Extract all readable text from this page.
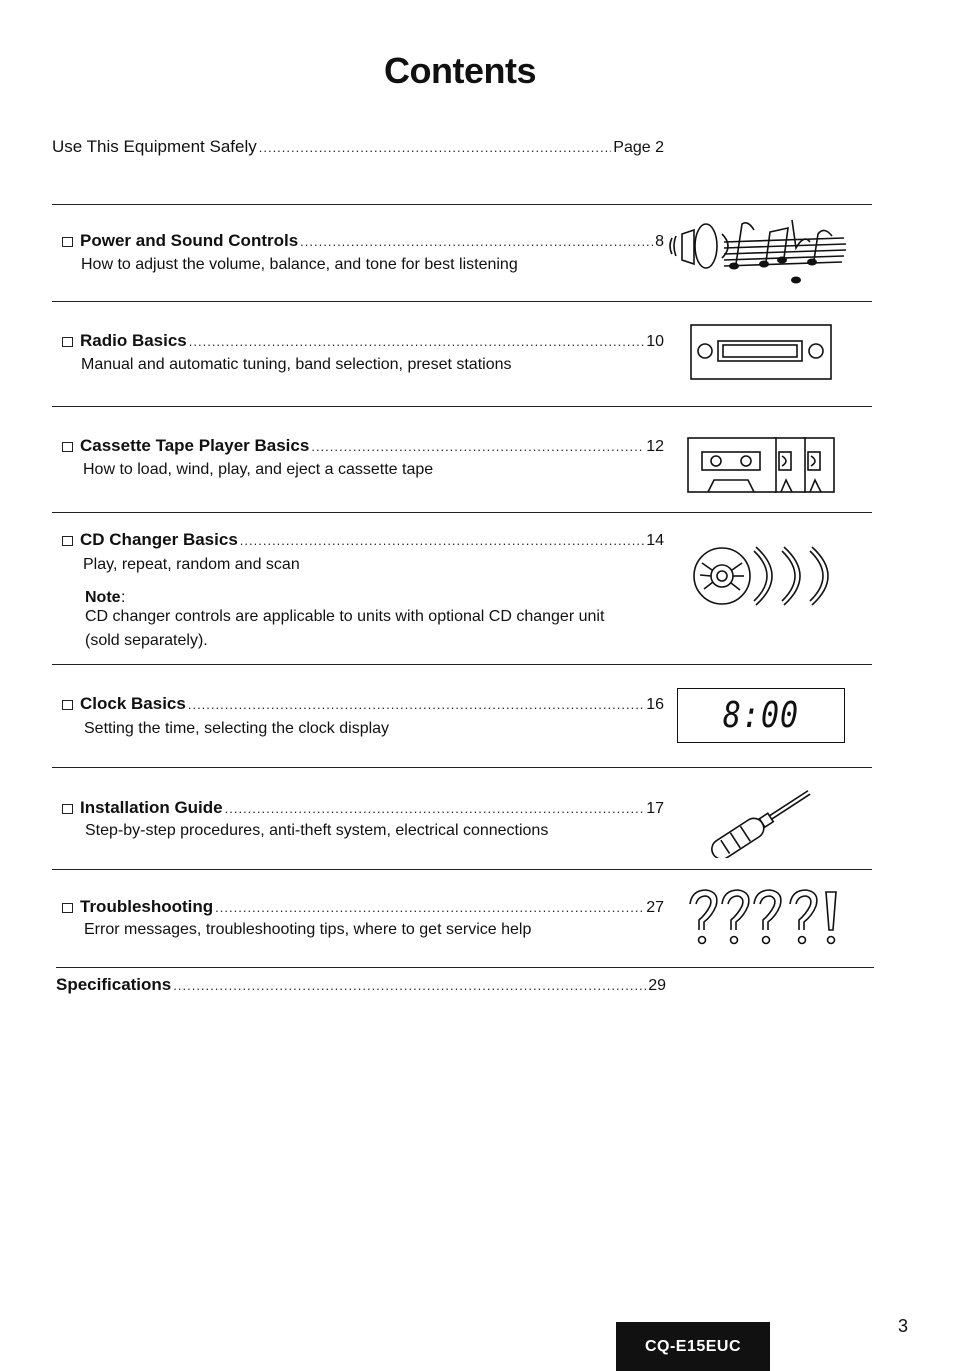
Contents
Use This Equipment Safely .....	Page 2
Power and Sound Controls .....	8
How to adjust the volume, balance, and tone for best listening
Radio Basics .....	10
Manual and automatic tuning, band selection, preset stations
Cassette Tape Player Basics .....	12
How to load, wind, play, and eject a cassette tape
CD Changer Basics .....	14
Play, repeat, random and scan
Note :
CD changer controls are applicable to units with optional CD changer unit
(sold separately).
Clock Basics .....	16
Setting the time, selecting the clock display	8:00
Installation Guide .....	17
Step-by-step procedures, anti-theft system, electrical connections
Troubleshooting .....	27
Error messages, troubleshooting tips, where to get service help
Specifications .....	29
CQ-E15EUC
3
